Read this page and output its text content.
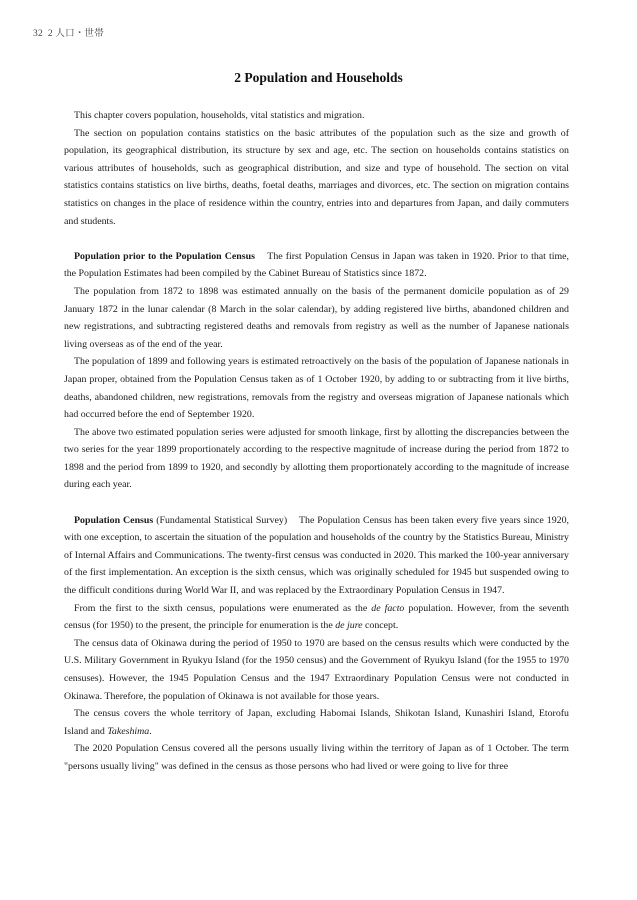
32 2 人口・世帯
2 Population and Households

This chapter covers population, households, vital statistics and migration.

The section on population contains statistics on the basic attributes of the population such as the size and growth of population, its geographical distribution, its structure by sex and age, etc. The section on households contains statistics on various attributes of households, such as geographical distribution, and size and type of household. The section on vital statistics contains statistics on live births, deaths, foetal deaths, marriages and divorces, etc. The section on migration contains statistics on changes in the place of residence within the country, entries into and departures from Japan, and daily commuters and students.

Population prior to the Population Census The first Population Census in Japan was taken in 1920. Prior to that time, the Population Estimates had been compiled by the Cabinet Bureau of Statistics since 1872.

The population from 1872 to 1898 was estimated annually on the basis of the permanent domicile population as of 29 January 1872 in the lunar calendar (8 March in the solar calendar), by adding registered live births, abandoned children and new registrations, and subtracting registered deaths and removals from registry as well as the number of Japanese nationals living overseas as of the end of the year.

The population of 1899 and following years is estimated retroactively on the basis of the population of Japanese nationals in Japan proper, obtained from the Population Census taken as of 1 October 1920, by adding to or subtracting from it live births, deaths, abandoned children, new registrations, removals from the registry and overseas migration of Japanese nationals which had occurred before the end of September 1920.

The above two estimated population series were adjusted for smooth linkage, first by allotting the discrepancies between the two series for the year 1899 proportionately according to the respective magnitude of increase during the period from 1872 to 1898 and the period from 1899 to 1920, and secondly by allotting them proportionately according to the magnitude of increase during each year.

Population Census (Fundamental Statistical Survey) The Population Census has been taken every five years since 1920, with one exception, to ascertain the situation of the population and households of the country by the Statistics Bureau, Ministry of Internal Affairs and Communications. The twenty-first census was conducted in 2020. This marked the 100-year anniversary of the first implementation. An exception is the sixth census, which was originally scheduled for 1945 but suspended owing to the difficult conditions during World War II, and was replaced by the Extraordinary Population Census in 1947.

From the first to the sixth census, populations were enumerated as the de facto population. However, from the seventh census (for 1950) to the present, the principle for enumeration is the de jure concept.

The census data of Okinawa during the period of 1950 to 1970 are based on the census results which were conducted by the U.S. Military Government in Ryukyu Island (for the 1950 census) and the Government of Ryukyu Island (for the 1955 to 1970 censuses). However, the 1945 Population Census and the 1947 Extraordinary Population Census were not conducted in Okinawa. Therefore, the population of Okinawa is not available for those years.

The census covers the whole territory of Japan, excluding Habomai Islands, Shikotan Island, Kunashiri Island, Etorofu Island and Takeshima.

The 2020 Population Census covered all the persons usually living within the territory of Japan as of 1 October. The term "persons usually living" was defined in the census as those persons who had lived or were going to live for three
